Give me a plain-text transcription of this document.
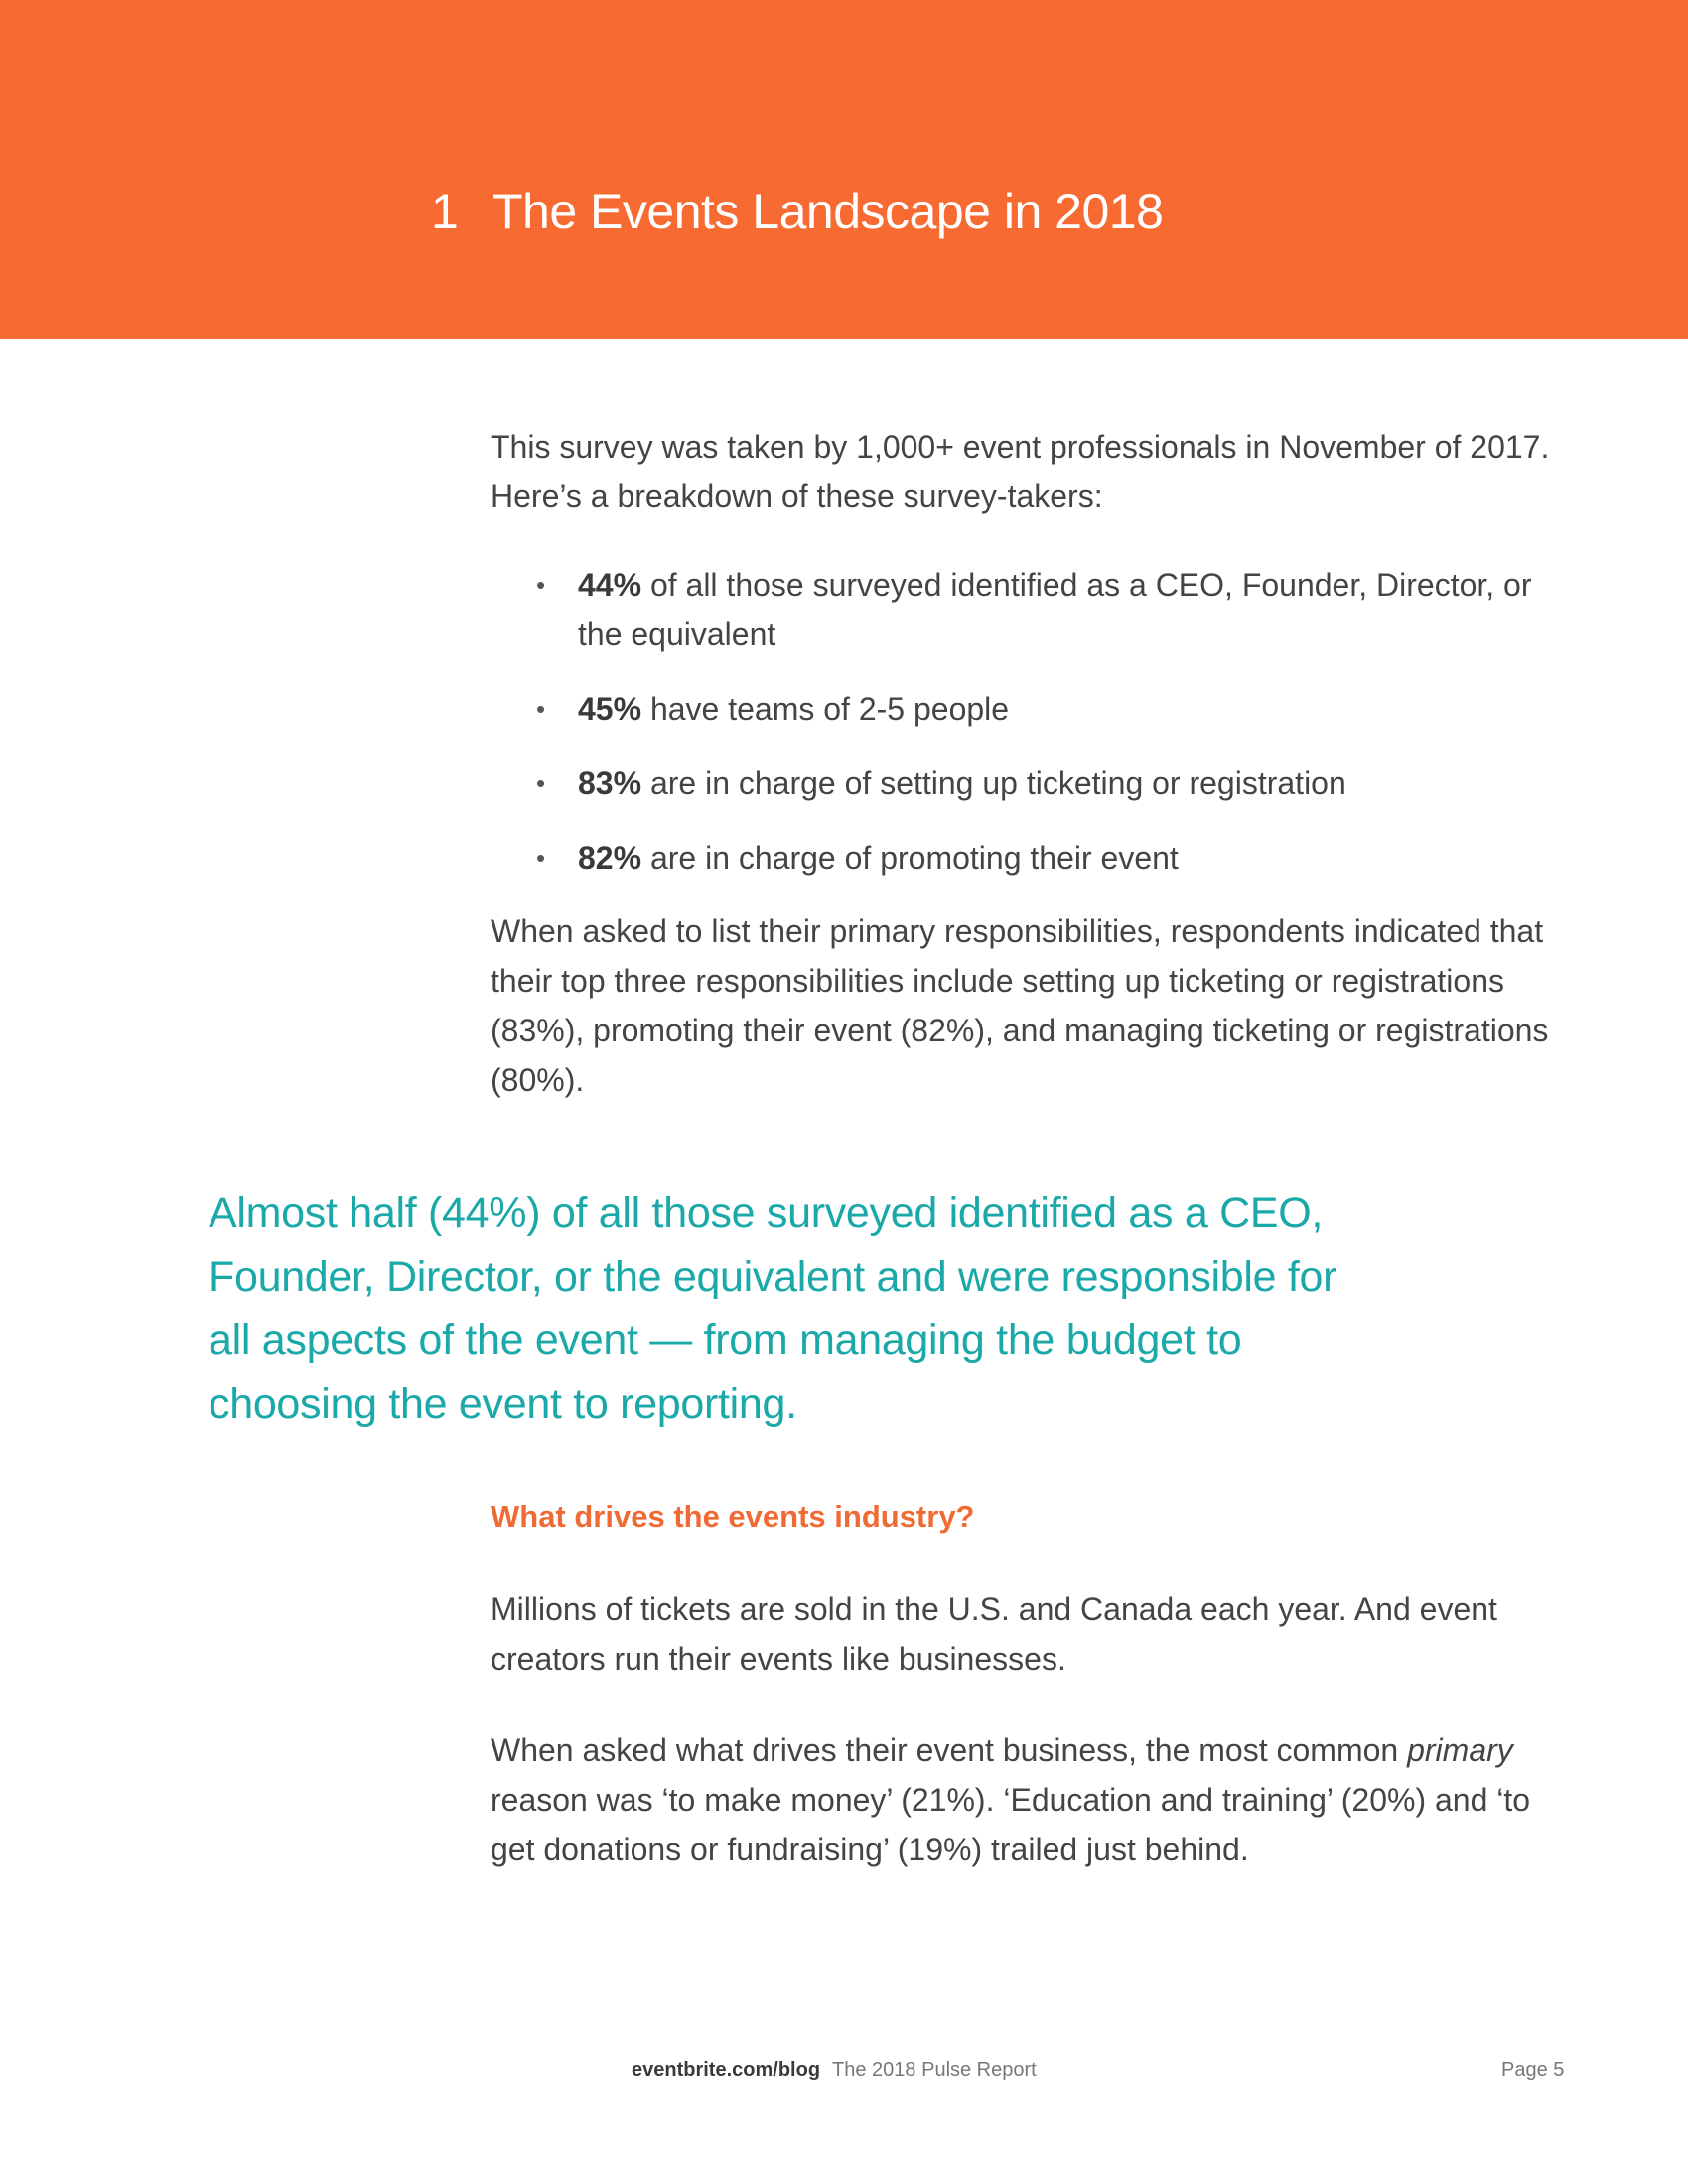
1 The Events Landscape in 2018

This survey was taken by 1,000+ event professionals in November of 2017. Here’s a breakdown of these survey-takers:

•	44% of all those surveyed identified as a CEO, Founder, Director, or the equivalent
•	45% have teams of 2-5 people
•	83% are in charge of setting up ticketing or registration
•	82% are in charge of promoting their event

When asked to list their primary responsibilities, respondents indicated that their top three responsibilities include setting up ticketing or registrations (83%), promoting their event (82%), and managing ticketing or registrations (80%).

Almost half (44%) of all those surveyed identified as a CEO, Founder, Director, or the equivalent and were responsible for all aspects of the event — from managing the budget to choosing the event to reporting.

What drives the events industry?

Millions of tickets are sold in the U.S. and Canada each year. And event creators run their events like businesses.

When asked what drives their event business, the most common primary reason was ‘to make money’ (21%). ‘Education and training’ (20%) and ‘to get donations or fundraising’ (19%) trailed just behind.

eventbrite.com/blog The 2018 Pulse Report	Page 5
